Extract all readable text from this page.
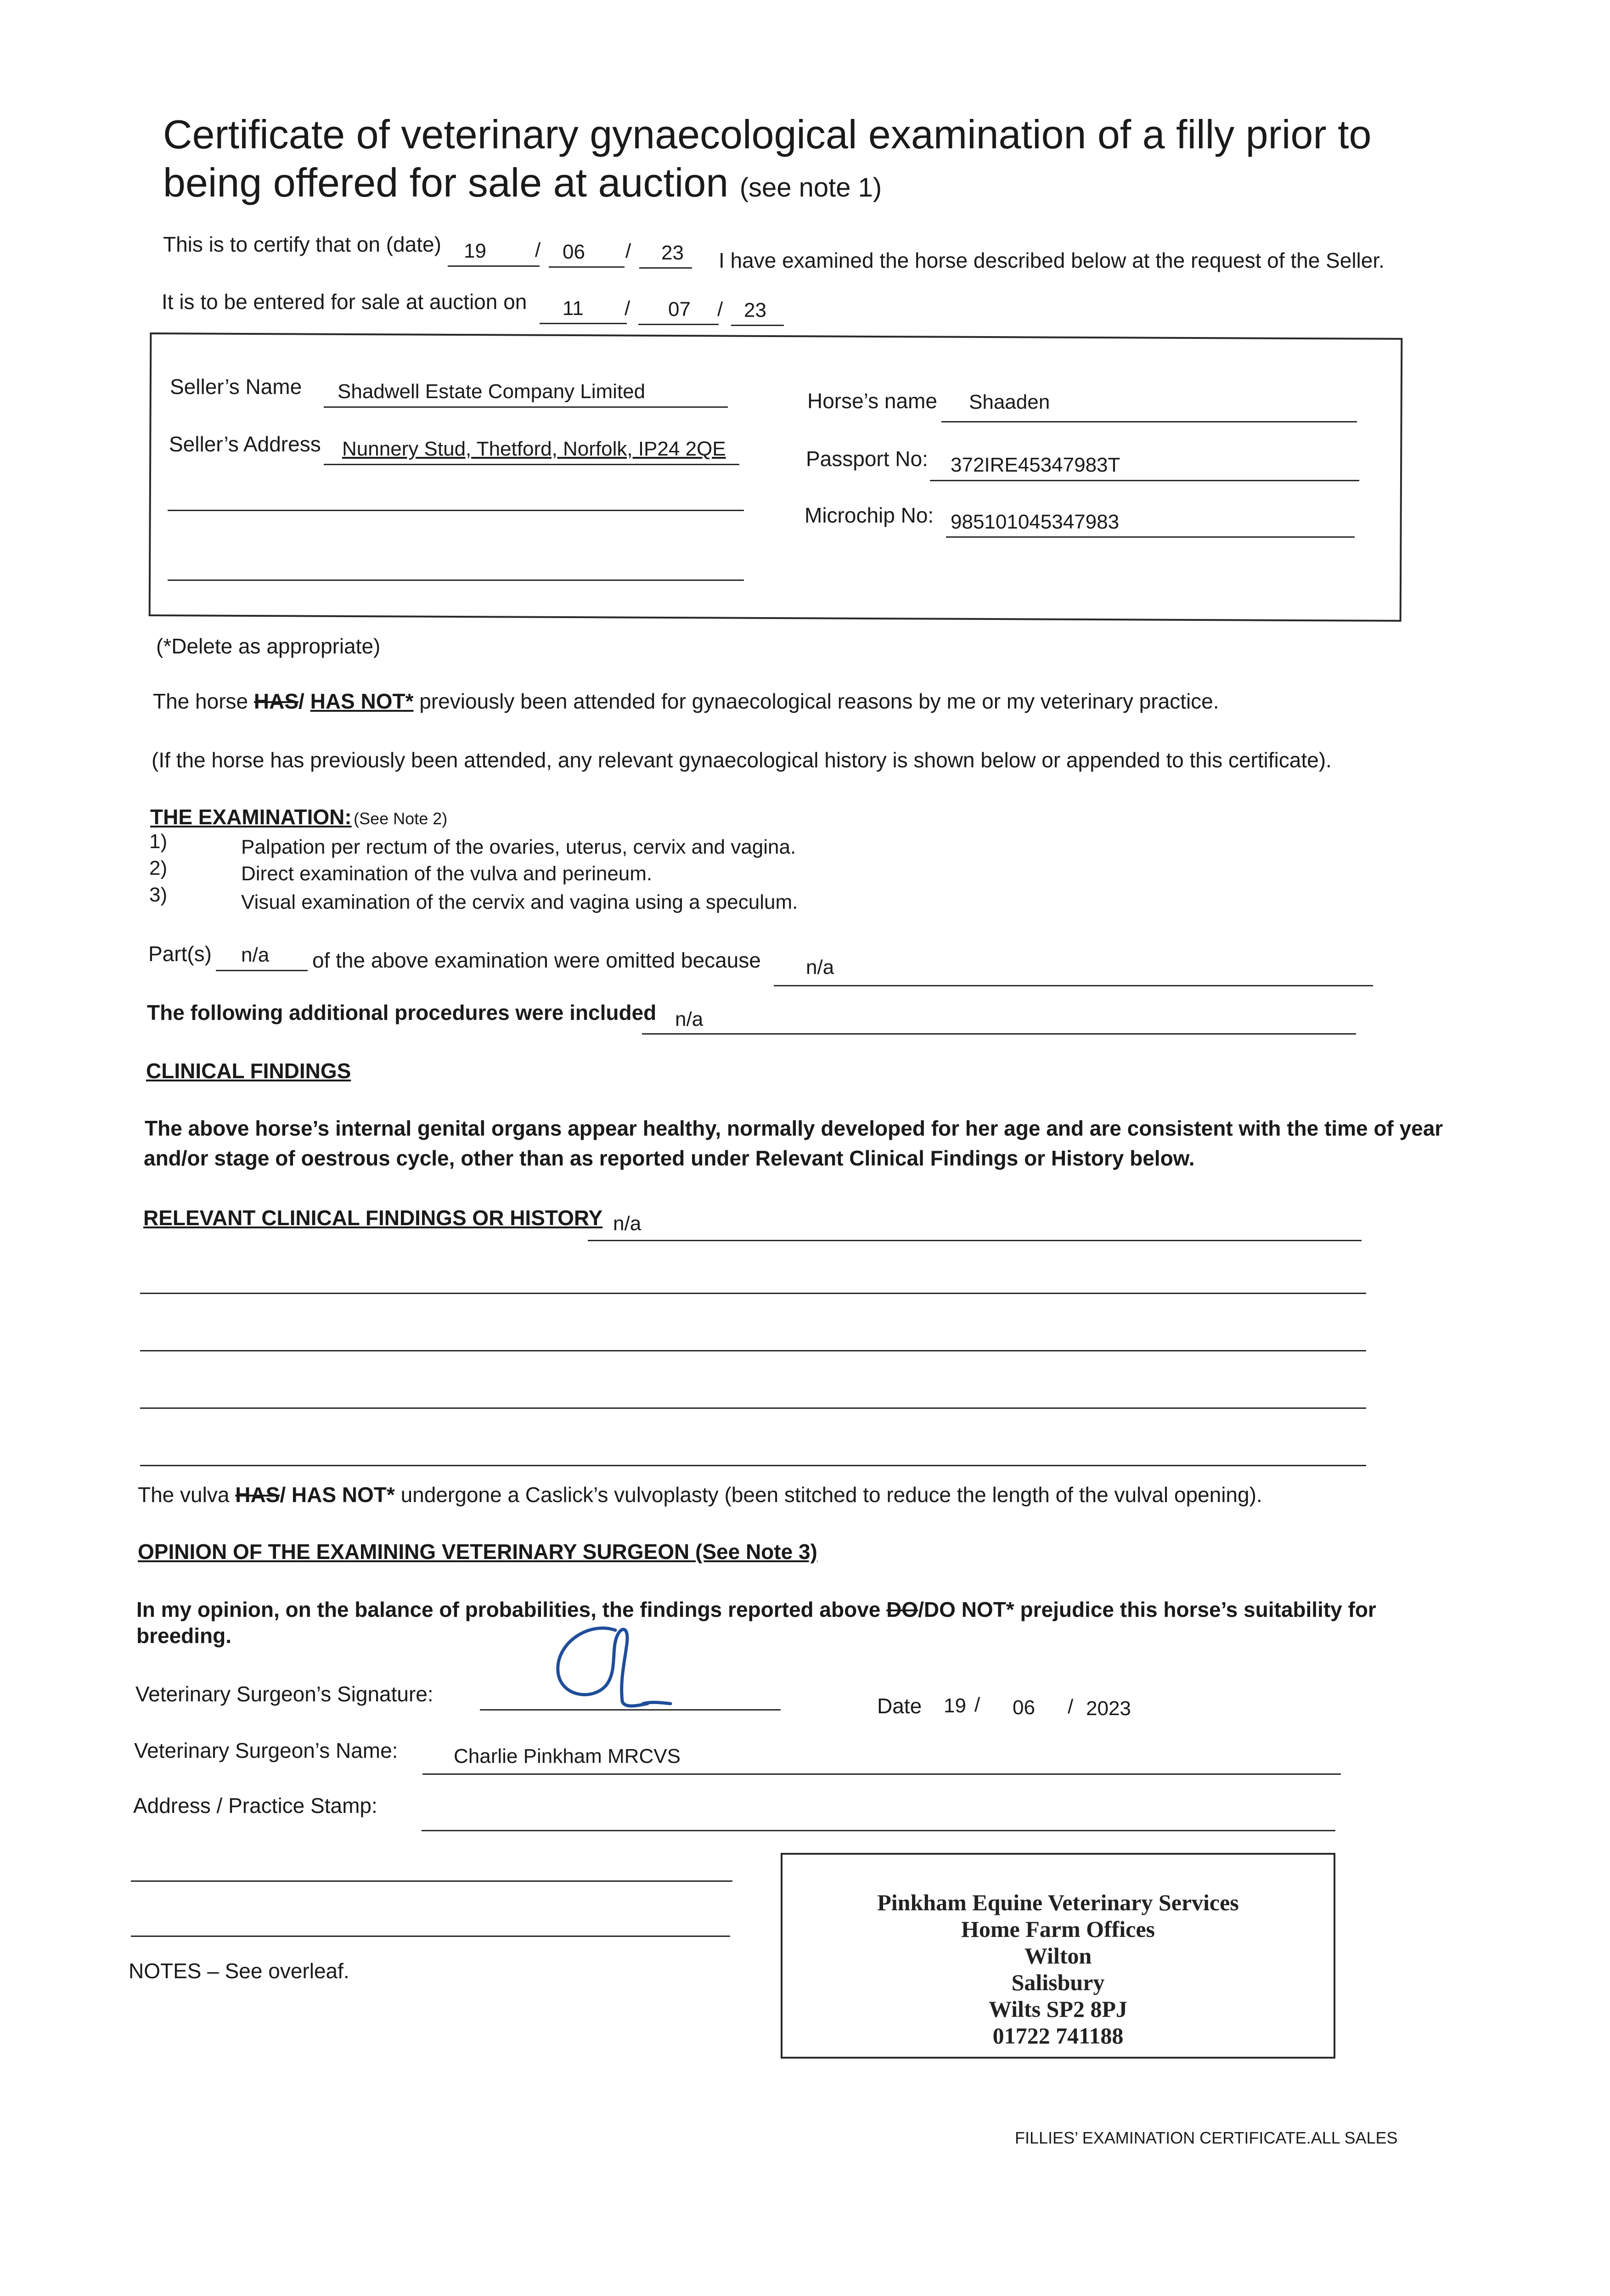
Certificate of veterinary gynaecological examination of a filly prior to being offered for sale at auction (see note 1)
This is to certify that on (date) 19 / 06 / 23 I have examined the horse described below at the request of the Seller.
It is to be entered for sale at auction on 11 / 07 / 23
Seller’s Name Shadwell Estate Company Limited
Seller’s Address Nunnery Stud, Thetford, Norfolk, IP24 2QE
Horse’s name Shaaden
Passport No: 372IRE45347983T
Microchip No: 985101045347983
(*Delete as appropriate)
The horse HAS/ HAS NOT* previously been attended for gynaecological reasons by me or my veterinary practice.
(If the horse has previously been attended, any relevant gynaecological history is shown below or appended to this certificate).
THE EXAMINATION: (See Note 2)
1)	Palpation per rectum of the ovaries, uterus, cervix and vagina.
2)	Direct examination of the vulva and perineum.
3)	Visual examination of the cervix and vagina using a speculum.
Part(s) n/a of the above examination were omitted because n/a
The following additional procedures were included n/a
CLINICAL FINDINGS
The above horse’s internal genital organs appear healthy, normally developed for her age and are consistent with the time of year
and/or stage of oestrous cycle, other than as reported under Relevant Clinical Findings or History below.
RELEVANT CLINICAL FINDINGS OR HISTORY n/a
The vulva HAS/ HAS NOT* undergone a Caslick’s vulvoplasty (been stitched to reduce the length of the vulval opening).
OPINION OF THE EXAMINING VETERINARY SURGEON (See Note 3)
In my opinion, on the balance of probabilities, the findings reported above DO/DO NOT* prejudice this horse’s suitability for
breeding.
Veterinary Surgeon’s Signature:	Date 19 / 06 / 2023
Veterinary Surgeon’s Name:	Charlie Pinkham MRCVS
Address / Practice Stamp:
Pinkham Equine Veterinary Services
Home Farm Offices
Wilton
Salisbury
Wilts SP2 8PJ
01722 741188
NOTES – See overleaf.
FILLIES’ EXAMINATION CERTIFICATE.ALL SALES
